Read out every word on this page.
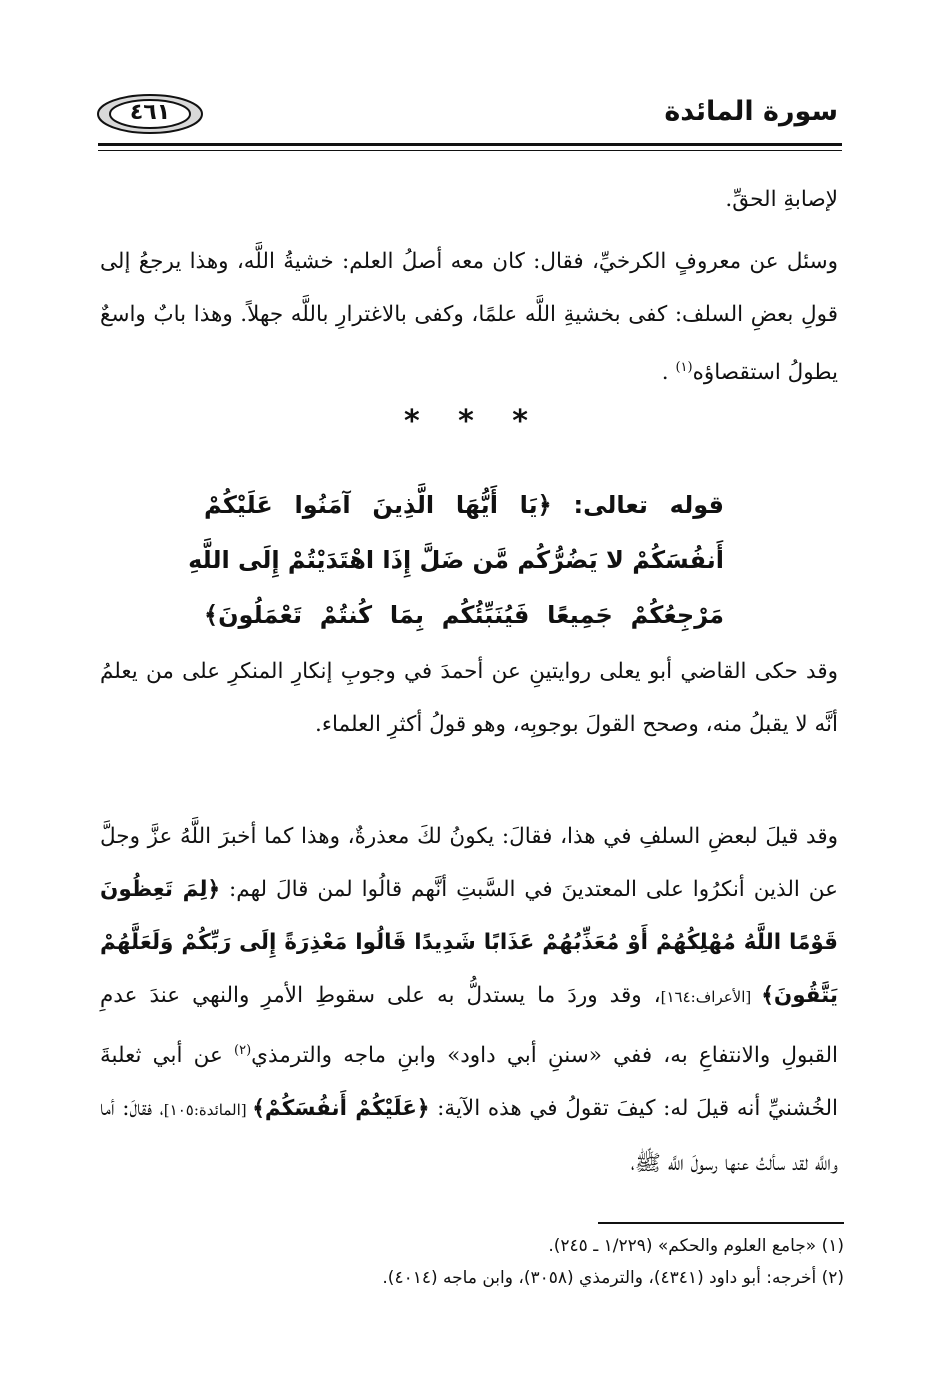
سورة المائدة
٤٦١
لإصابةِ الحقِّ.
وسئل عن معروفٍ الكرخيِّ، فقال: كان معه أصلُ العلم: خشيةُ اللَّه، وهذا يرجعُ إلى قولِ بعضِ السلف: كفى بخشيةِ اللَّه علمًا، وكفى بالاغترارِ باللَّه جهلاً. وهذا بابٌ واسعٌ يطولُ استقصاؤه$^{(١)}$ .
* * *
قوله تعالى: ﴿يَا أَيُّهَا الَّذِينَ آمَنُوا عَلَيْكُمْ
أَنفُسَكُمْ لا يَضُرُّكُم مَّن ضَلَّ إِذَا اهْتَدَيْتُمْ إِلَى اللَّهِ
مَرْجِعُكُمْ جَمِيعًا فَيُنَبِّئُكُم بِمَا كُنتُمْ تَعْمَلُونَ﴾
وقد حكى القاضي أبو يعلى روايتينِ عن أحمدَ في وجوبِ إنكارِ المنكرِ على من يعلمُ أنَّه لا يقبلُ منه، وصحح القولَ بوجوبِه، وهو قولُ أكثرِ العلماء.
وقد قيلَ لبعضِ السلفِ في هذا، فقالَ: يكونُ لكَ معذرةٌ، وهذا كما أخبرَ اللَّهُ عزَّ وجلَّ عن الذين أنكرُوا على المعتدينَ في السَّبتِ أنَّهم قالُوا لمن قالَ لهم: ﴿لِمَ تَعِظُونَ قَوْمًا اللَّهُ مُهْلِكُهُمْ أَوْ مُعَذِّبُهُمْ عَذَابًا شَدِيدًا قَالُوا مَعْذِرَةً إِلَى رَبِّكُمْ وَلَعَلَّهُمْ يَتَّقُونَ﴾ [الأعراف:١٦٤]، وقد وردَ ما يستدلُّ به على سقوطِ الأمرِ والنهي عندَ عدمِ القبولِ والانتفاعِ به، ففي «سننِ أبي داود» وابنِ ماجه والترمذي$^{(٢)}$ عن أبي ثعلبةَ الخُشنيِّ أنه قيلَ له: كيفَ تقولُ في هذه الآية: ﴿عَلَيْكُمْ أَنفُسَكُمْ﴾ [المائدة:١٠٥]، فقالَ: أما واللَّه لقد سألتُ عنها رسولَ اللَّه ﷺ،
(١) «جامع العلوم والحكم» (١/٢٢٩ ـ ٢٤٥).
(٢) أخرجه: أبو داود (٤٣٤١)، والترمذي (٣٠٥٨)، وابن ماجه (٤٠١٤).
